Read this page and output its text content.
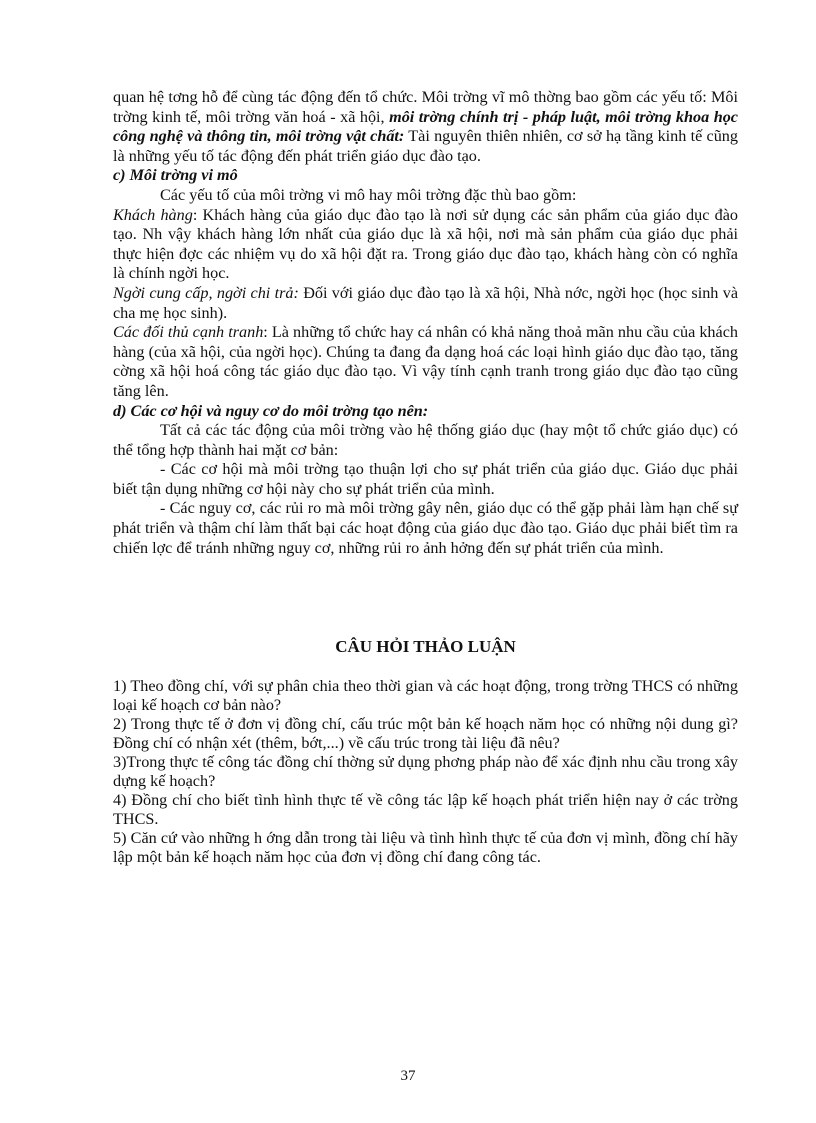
quan hệ tơng hỗ để cùng tác động đến tổ chức. Môi trờng vĩ mô thờng bao gồm các yếu tố: Môi trờng kinh tế, môi trờng văn hoá - xã hội, môi trờng chính trị - pháp luật, môi trờng khoa học công nghệ và thông tin, môi trờng vật chất: Tài nguyên thiên nhiên, cơ sở hạ tầng kinh tế cũng là những yếu tố tác động đến phát triển giáo dục đào tạo.

c) Môi trờng vi mô

Các yếu tố của môi trờng vi mô hay môi trờng đặc thù bao gồm:

Khách hàng: Khách hàng của giáo dục đào tạo là nơi sử dụng các sản phẩm của giáo dục đào tạo. Nh vậy khách hàng lớn nhất của giáo dục là xã hội, nơi mà sản phẩm của giáo dục phải thực hiện đợc các nhiệm vụ do xã hội đặt ra. Trong giáo dục đào tạo, khách hàng còn có nghĩa là chính ngời học.

Ngời cung cấp, ngời chi trả: Đối với giáo dục đào tạo là xã hội, Nhà nớc, ngời học (học sinh và cha mẹ học sinh).

Các đối thủ cạnh tranh: Là những tổ chức hay cá nhân có khả năng thoả mãn nhu cầu của khách hàng (của xã hội, của ngời học). Chúng ta đang đa dạng hoá các loại hình giáo dục đào tạo, tăng cờng xã hội hoá công tác giáo dục đào tạo. Vì vậy tính cạnh tranh trong giáo dục đào tạo cũng tăng lên.

d) Các cơ hội và nguy cơ do môi trờng tạo nên:

Tất cả các tác động của môi trờng vào hệ thống giáo dục (hay một tổ chức giáo dục) có thể tổng hợp thành hai mặt cơ bản:

- Các cơ hội mà môi trờng tạo thuận lợi cho sự phát triển của giáo dục. Giáo dục phải biết tận dụng những cơ hội này cho sự phát triển của mình.

- Các nguy cơ, các rủi ro mà môi trờng gây nên, giáo dục có thể gặp phải làm hạn chế sự phát triển và thậm chí làm thất bại các hoạt động của giáo dục đào tạo. Giáo dục phải biết tìm ra chiến lợc để tránh những nguy cơ, những rủi ro ảnh hởng đến sự phát triển của mình.

CÂU HỎI THẢO LUẬN

1) Theo đồng chí, với sự phân chia theo thời gian và các hoạt động, trong trờng THCS có những loại kế hoạch cơ bản nào?

2) Trong thực tế ở đơn vị đồng chí, cấu trúc một bản kế hoạch năm học có những nội dung gì? Đồng chí có nhận xét (thêm, bớt,...) về cấu trúc trong tài liệu đã nêu?

3)Trong thực tế công tác đồng chí thờng sử dụng phơng pháp nào để xác định nhu cầu trong xây dựng kế hoạch?

4) Đồng chí cho biết tình hình thực tế về công tác lập kế hoạch phát triển hiện nay ở các trờng THCS.

5) Căn cứ vào những h ớng dẫn trong tài liệu và tình hình thực tế của đơn vị mình, đồng chí hãy lập một bản kế hoạch năm học của đơn vị đồng chí đang công tác.

37
